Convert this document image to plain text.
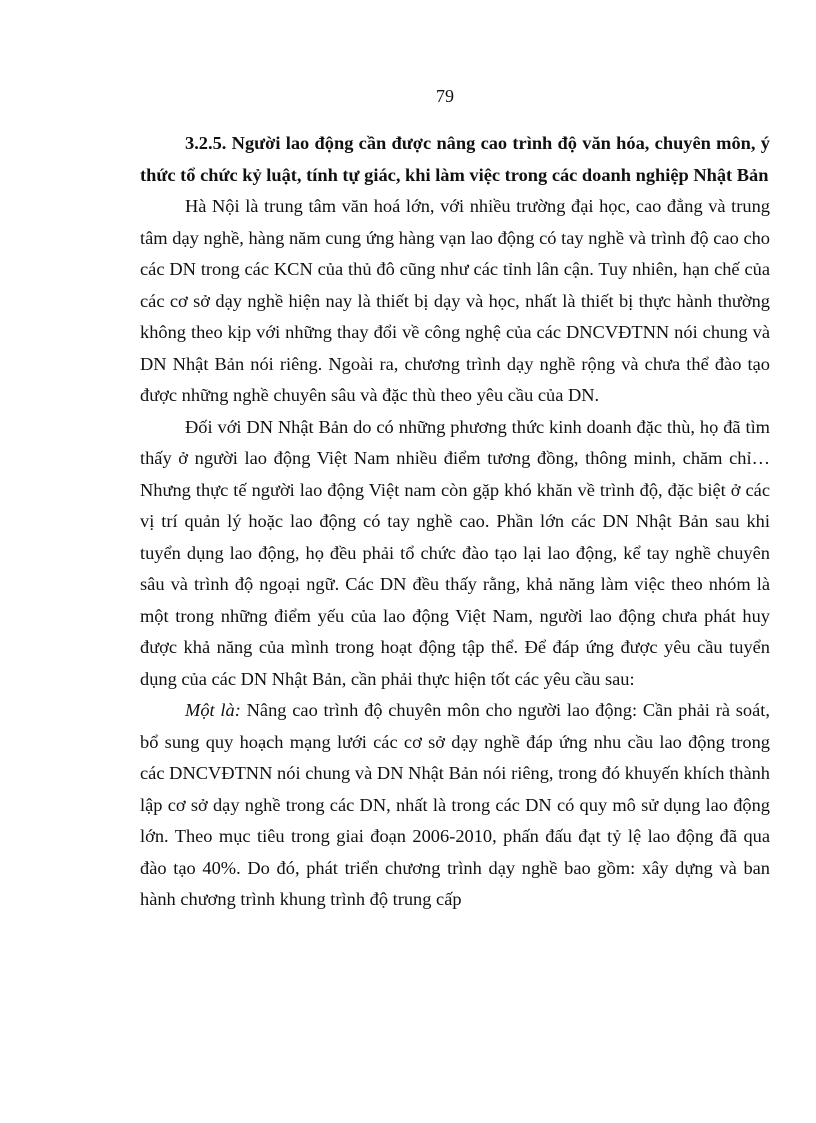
79

3.2.5. Người lao động cần được nâng cao trình độ văn hóa, chuyên môn, ý thức tổ chức kỷ luật, tính tự giác, khi làm việc trong các doanh nghiệp Nhật Bản

Hà Nội là trung tâm văn hoá lớn, với nhiều trường đại học, cao đẳng và trung tâm dạy nghề, hàng năm cung ứng hàng vạn lao động có tay nghề và trình độ cao cho các DN trong các KCN của thủ đô cũng như các tỉnh lân cận. Tuy nhiên, hạn chế của các cơ sở dạy nghề hiện nay là thiết bị dạy và học, nhất là thiết bị thực hành thường không theo kịp với những thay đổi về công nghệ của các DNCVĐTNN nói chung và DN Nhật Bản nói riêng. Ngoài ra, chương trình dạy nghề rộng và chưa thể đào tạo được những nghề chuyên sâu và đặc thù theo yêu cầu của DN.

Đối với DN Nhật Bản do có những phương thức kinh doanh đặc thù, họ đã tìm thấy ở người lao động Việt Nam nhiều điểm tương đồng, thông minh, chăm chỉ…Nhưng thực tế người lao động Việt nam còn gặp khó khăn về trình độ, đặc biệt ở các vị trí quản lý hoặc lao động có tay nghề cao. Phần lớn các DN Nhật Bản sau khi tuyển dụng lao động, họ đều phải tổ chức đào tạo lại lao động, kể tay nghề chuyên sâu và trình độ ngoại ngữ. Các DN đều thấy rằng, khả năng làm việc theo nhóm là một trong những điểm yếu của lao động Việt Nam, người lao động chưa phát huy được khả năng của mình trong hoạt động tập thể. Để đáp ứng được yêu cầu tuyển dụng của các DN Nhật Bản, cần phải thực hiện tốt các yêu cầu sau:

Một là: Nâng cao trình độ chuyên môn cho người lao động: Cần phải rà soát, bổ sung quy hoạch mạng lưới các cơ sở dạy nghề đáp ứng nhu cầu lao động trong các DNCVĐTNN nói chung và DN Nhật Bản nói riêng, trong đó khuyến khích thành lập cơ sở dạy nghề trong các DN, nhất là trong các DN có quy mô sử dụng lao động lớn. Theo mục tiêu trong giai đoạn 2006-2010, phấn đấu đạt tỷ lệ lao động đã qua đào tạo 40%. Do đó, phát triển chương trình dạy nghề bao gồm: xây dựng và ban hành chương trình khung trình độ trung cấp
